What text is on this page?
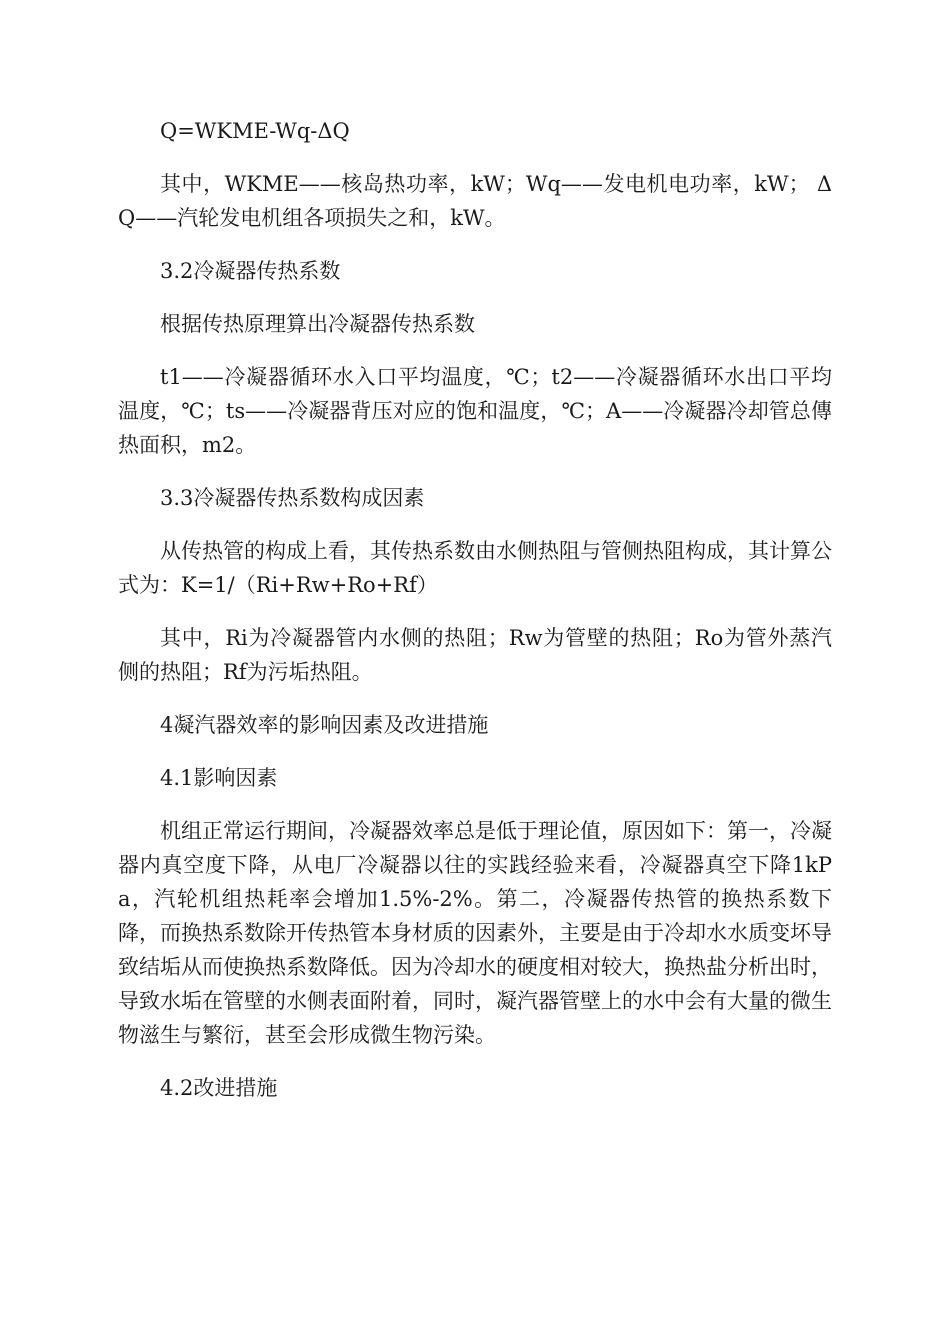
Q=WKME-Wq-ΔQ

其中，WKME——核岛热功率，kW；Wq——发电机电功率，kW； ΔQ——汽轮发电机组各项损失之和，kW。

3.2冷凝器传热系数

根据传热原理算出冷凝器传热系数

t1——冷凝器循环水入口平均温度，℃；t2——冷凝器循环水出口平均温度，℃；ts——冷凝器背压对应的饱和温度，℃；A——冷凝器冷却管总傳热面积，m2。

3.3冷凝器传热系数构成因素

从传热管的构成上看，其传热系数由水侧热阻与管侧热阻构成，其计算公式为：K=1/（Ri+Rw+Ro+Rf）

其中，Ri为冷凝器管内水侧的热阻；Rw为管壁的热阻；Ro为管外蒸汽侧的热阻；Rf为污垢热阻。

4凝汽器效率的影响因素及改进措施

4.1影响因素

机组正常运行期间，冷凝器效率总是低于理论值，原因如下：第一，冷凝器内真空度下降，从电厂冷凝器以往的实践经验来看，冷凝器真空下降1kPa，汽轮机组热耗率会增加1.5%-2%。第二，冷凝器传热管的换热系数下降，而换热系数除开传热管本身材质的因素外，主要是由于冷却水水质变坏导致结垢从而使换热系数降低。因为冷却水的硬度相对较大，换热盐分析出时，导致水垢在管壁的水侧表面附着，同时，凝汽器管壁上的水中会有大量的微生物滋生与繁衍，甚至会形成微生物污染。

4.2改进措施
